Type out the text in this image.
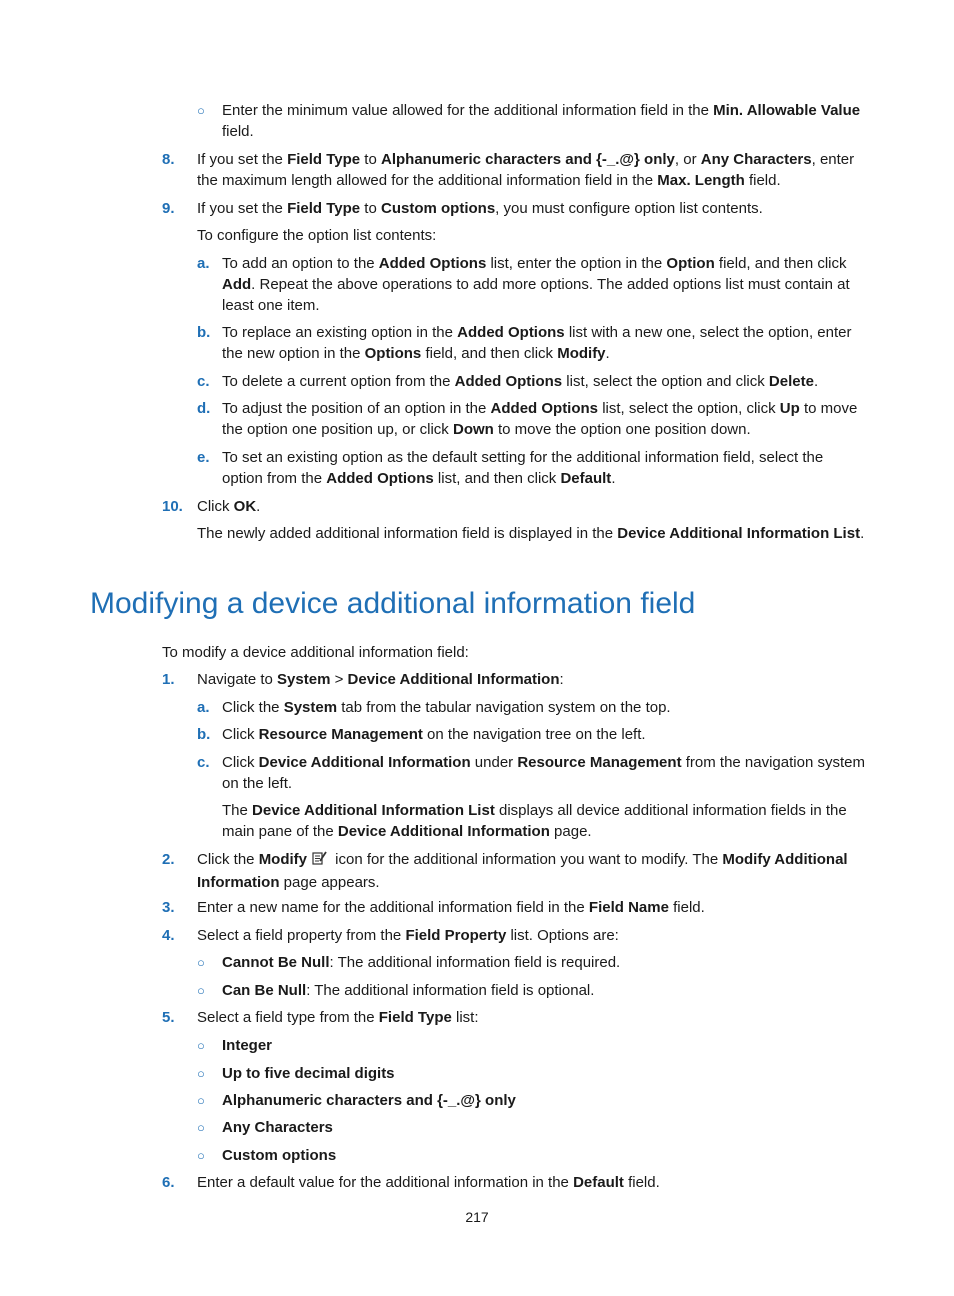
○ Enter the minimum value allowed for the additional information field in the Min. Allowable Value field.

8. If you set the Field Type to Alphanumeric characters and {-_.@} only, or Any Characters, enter the maximum length allowed for the additional information field in the Max. Length field.

9. If you set the Field Type to Custom options, you must configure option list contents.

To configure the option list contents:

a. To add an option to the Added Options list, enter the option in the Option field, and then click Add. Repeat the above operations to add more options. The added options list must contain at least one item.

b. To replace an existing option in the Added Options list with a new one, select the option, enter the new option in the Options field, and then click Modify.

c. To delete a current option from the Added Options list, select the option and click Delete.

d. To adjust the position of an option in the Added Options list, select the option, click Up to move the option one position up, or click Down to move the option one position down.

e. To set an existing option as the default setting for the additional information field, select the option from the Added Options list, and then click Default.

10. Click OK.

The newly added additional information field is displayed in the Device Additional Information List.

Modifying a device additional information field

To modify a device additional information field:

1. Navigate to System > Device Additional Information:

a. Click the System tab from the tabular navigation system on the top.

b. Click Resource Management on the navigation tree on the left.

c. Click Device Additional Information under Resource Management from the navigation system on the left.

The Device Additional Information List displays all device additional information fields in the main pane of the Device Additional Information page.

2. Click the Modify icon for the additional information you want to modify. The Modify Additional Information page appears.

3. Enter a new name for the additional information field in the Field Name field.

4. Select a field property from the Field Property list. Options are:

○ Cannot Be Null: The additional information field is required.

○ Can Be Null: The additional information field is optional.

5. Select a field type from the Field Type list:

○ Integer
○ Up to five decimal digits
○ Alphanumeric characters and {-_.@} only
○ Any Characters
○ Custom options
6. Enter a default value for the additional information in the Default field.

217
